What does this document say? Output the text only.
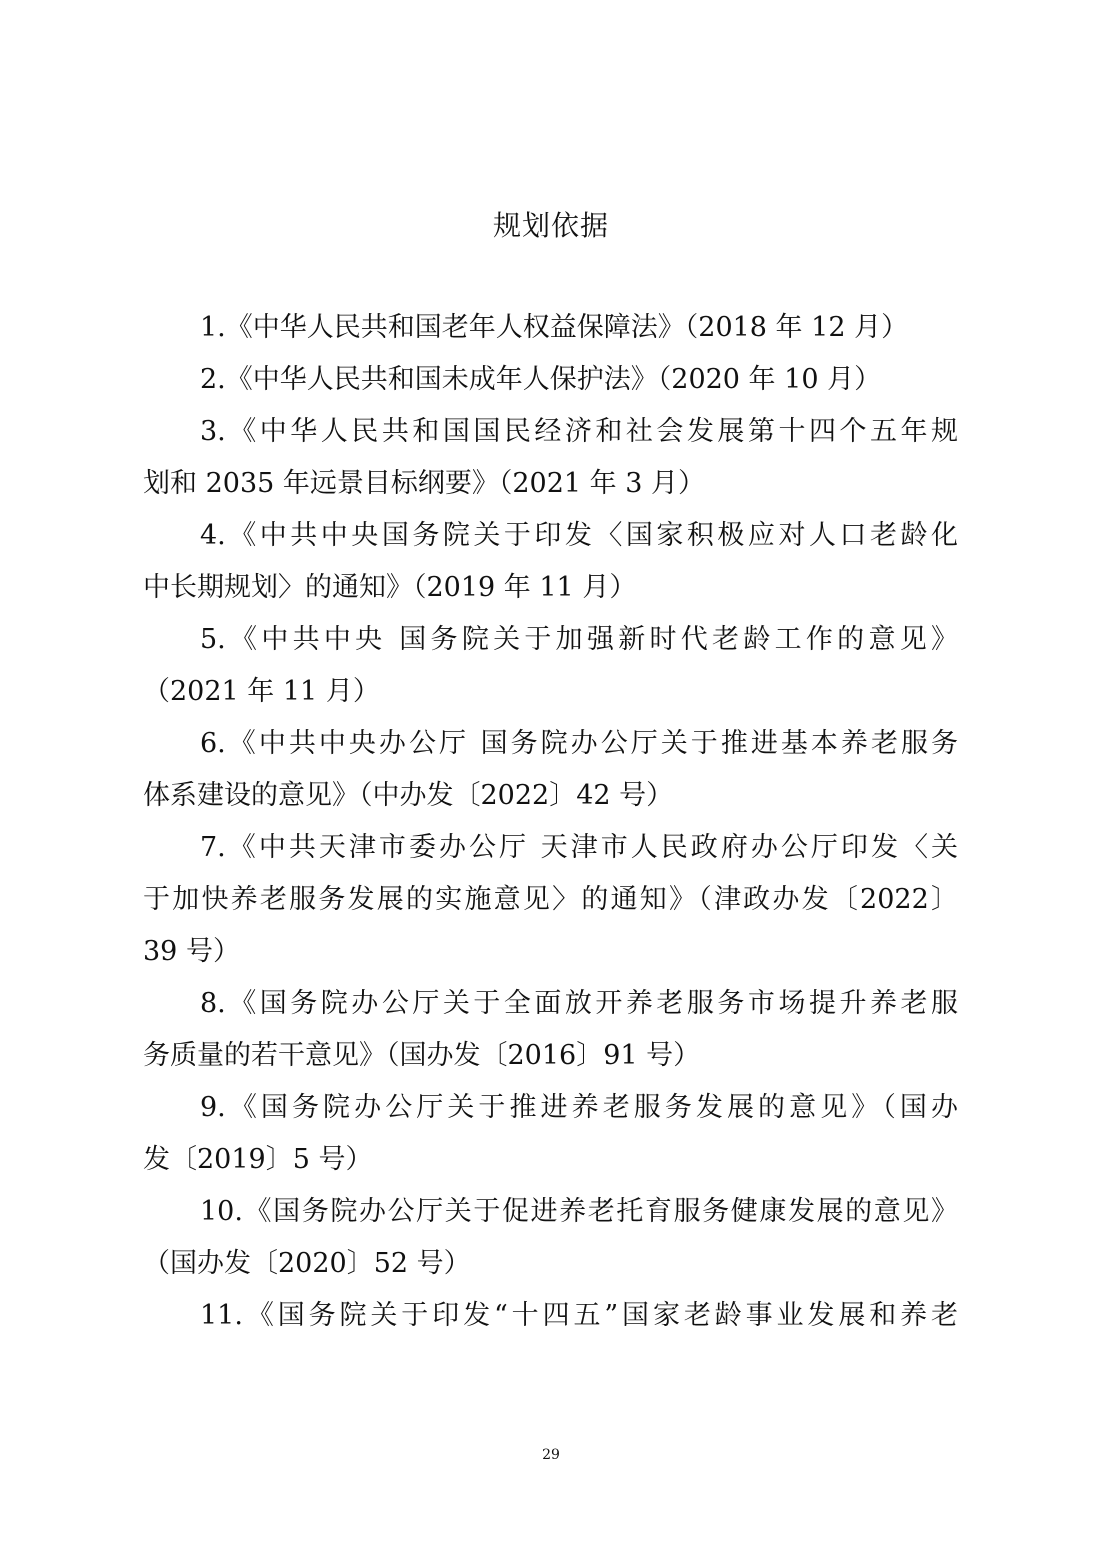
规划依据
1.《中华人民共和国老年人权益保障法》（2018 年 12 月）
2.《中华人民共和国未成年人保护法》（2020 年 10 月）
3.《中华人民共和国国民经济和社会发展第十四个五年规
划和 2035 年远景目标纲要》（2021 年 3 月）
4.《中共中央国务院关于印发〈国家积极应对人口老龄化
中长期规划〉的通知》（2019 年 11 月）
5.《中共中央 国务院关于加强新时代老龄工作的意见》
（2021 年 11 月）
6.《中共中央办公厅 国务院办公厅关于推进基本养老服务
体系建设的意见》（中办发〔2022〕42 号）
7.《中共天津市委办公厅 天津市人民政府办公厅印发〈关
于加快养老服务发展的实施意见〉的通知》（津政办发〔2022〕
39 号）
8.《国务院办公厅关于全面放开养老服务市场提升养老服
务质量的若干意见》（国办发〔2016〕91 号）
9.《国务院办公厅关于推进养老服务发展的意见》（国办
发〔2019〕5 号）
10.《国务院办公厅关于促进养老托育服务健康发展的意见》
（国办发〔2020〕52 号）
11.《国务院关于印发“十四五”国家老龄事业发展和养老
29
